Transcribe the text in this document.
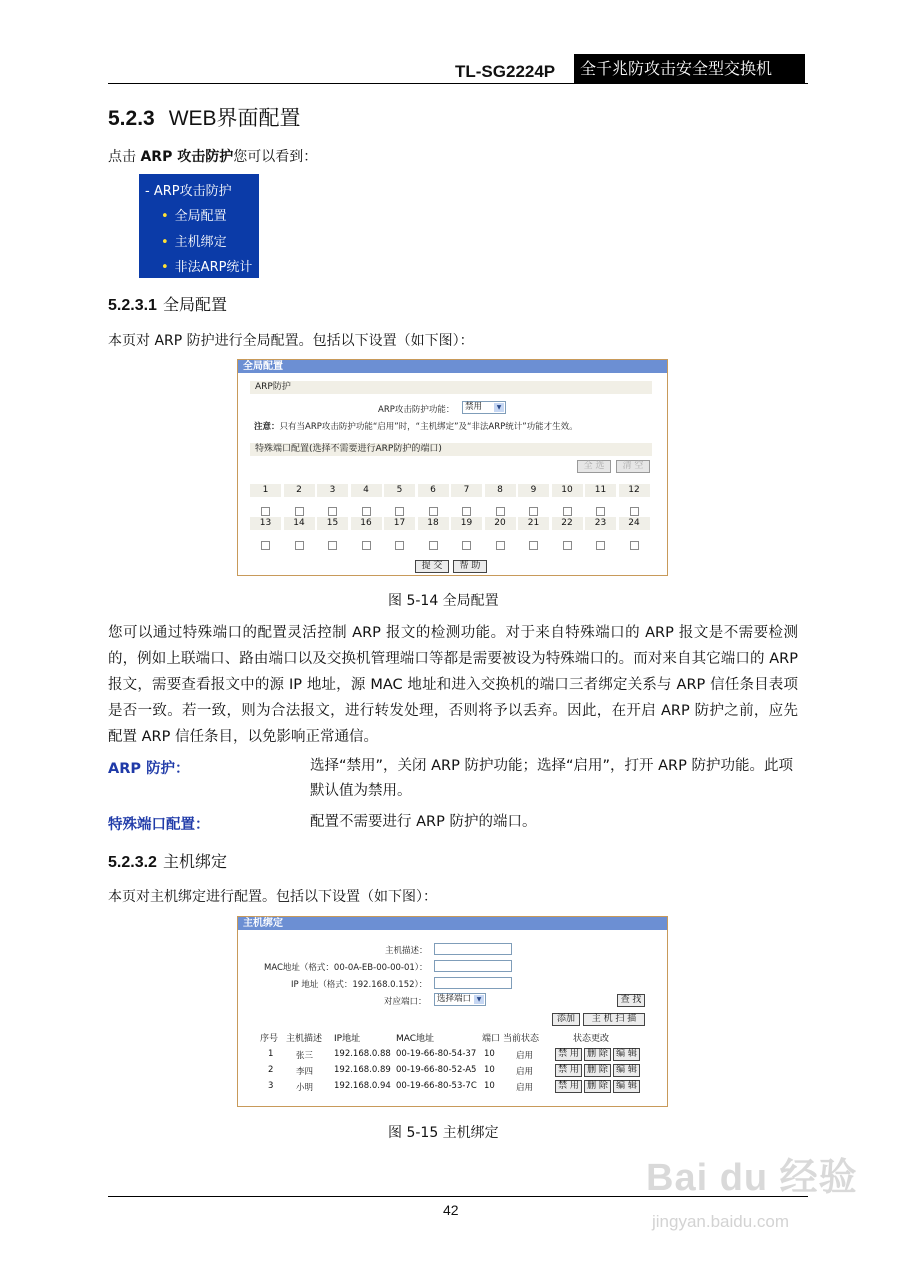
TL-SG2224P	全千兆防攻击安全型交换机
5.2.3 WEB界面配置
点击 ARP 攻击防护您可以看到：
- ARP攻击防护
• 全局配置
• 主机绑定
• 非法ARP统计
5.2.3.1 全局配置
本页对 ARP 防护进行全局配置。包括以下设置（如下图）：
全局配置
ARP防护
ARP攻击防护功能：	禁用	▼
注意：只有当ARP攻击防护功能“启用”时，“主机绑定”及“非法ARP统计”功能才生效。
特殊端口配置(选择不需要进行ARP防护的端口)
全 选	清 空
1	2	3	4	5	6	7	8	9	10	11	12
13	14	15	16	17	18	19	20	21	22	23	24
提 交	帮 助
图 5-14 全局配置
您可以通过特殊端口的配置灵活控制 ARP 报文的检测功能。对于来自特殊端口的 ARP 报文是不需要检测的，例如上联端口、路由端口以及交换机管理端口等都是需要被设为特殊端口的。而对来自其它端口的 ARP 报文，需要查看报文中的源 IP 地址，源 MAC 地址和进入交换机的端口三者绑定关系与 ARP 信任条目表项是否一致。若一致，则为合法报文，进行转发处理，否则将予以丢弃。因此，在开启 ARP 防护之前，应先配置 ARP 信任条目，以免影响正常通信。
ARP 防护：	选择“禁用”，关闭 ARP 防护功能；选择“启用”，打开 ARP 防护功能。此项默认值为禁用。
特殊端口配置：	配置不需要进行 ARP 防护的端口。
5.2.3.2 主机绑定
本页对主机绑定进行配置。包括以下设置（如下图）：
主机绑定
主机描述：
MAC地址（格式：00-0A-EB-00-00-01）：
IP 地址（格式：192.168.0.152）：
对应端口：	选择端口 ▼	查 找
添加	主 机 扫 描
序号 主机描述 IP地址	MAC地址	端口 当前状态	状态更改
1	张三 192.168.0.88 00-19-66-80-54-37 10 启用	禁 用 删 除 编 辑
2	李四 192.168.0.89 00-19-66-80-52-A5 10 启用	禁 用 删 除 编 辑
3	小明 192.168.0.94 00-19-66-80-53-7C 10 启用	禁 用 删 除 编 辑
图 5-15 主机绑定
42
Bai du 经验
jingyan.baidu.com
